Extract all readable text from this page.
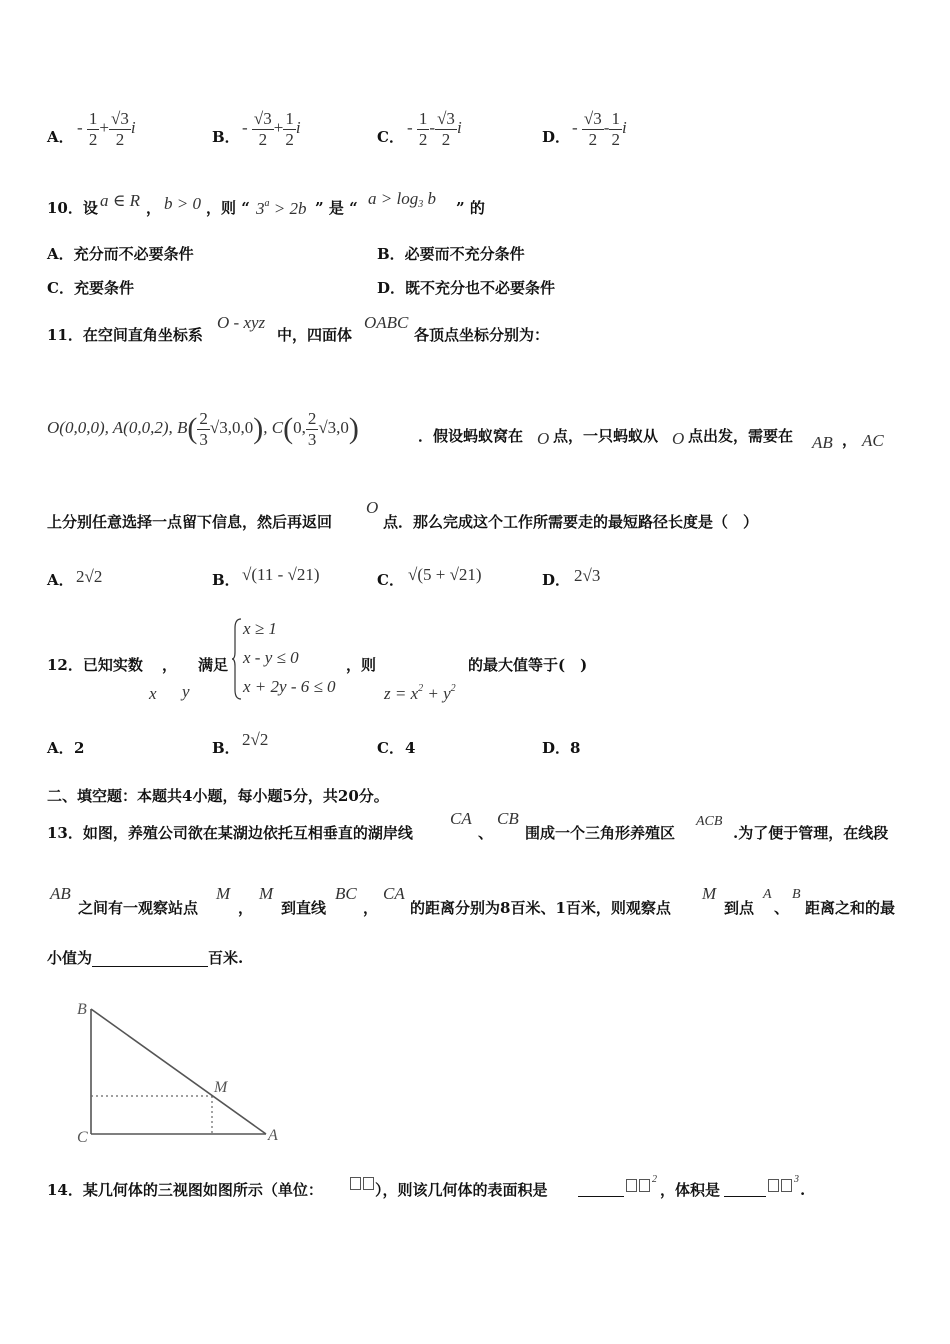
A． - $\frac{1}{2} + \frac{√3}{2}$ i	B． - $\frac{√3}{2} + \frac{1}{2}$ i	C． - $\frac{1}{2} - \frac{√3}{2}$ i	D． - $\frac{√3}{2} - \frac{1}{2}$ i
10．设 a ∈ R ， b > 0 ，则 “ $3^a > 2b$ ” 是 “ $a > \log_3 b$ ” 的
A．充分而不必要条件	B．必要而不充分条件
C．充要条件	D．既不充分也不必要条件
11．在空间直角坐标系
O - xyz
中，四面体
OABC
各顶点坐标分别为：
O(0,0,0), A(0,0,2), $B( \frac{2}{3} √3,0,0)$, C(0, $\frac{2}{3} √3,0$)	．假设蚂蚁窝在 O 点，一只蚂蚁从 O 点出发，需要在 AB ， AC
上分别任意选择一点留下信息，然后再返回
O
点．那么完成这个工作所需要走的最短路径长度是（　）
A． 2√2	B． √(11 - √21)	C． √(5 + √21)	D． 2√3
12．已知实数 ， 满足
x y
x ≥ 1
x - y ≤ 0
x + 2y - 6 ≤ 0
，则
$z = x^2 + y^2$
的最大值等于(　)
A． 2	B． 2√2	C． 4	D． 8
二、填空题：本题共4小题，每小题5分，共20分。
13．如图，养殖公司欲在某湖边依托互相垂直的湖岸线
CA
、
CB
围成一个三角形养殖区
ACB
.为了便于管理，在线段
AB
之间有一观察站点
M
，
M
到直线
BC
，
CA
的距离分别为8百米、1百米，则观察点
M
到点
A
、
B
距离之和的最
小值为	百米.
B
C	A
M
14．某几何体的三视图如图所示（单位：	），则该几何体的表面积是
$^2$
，体积是
$^3$
.
